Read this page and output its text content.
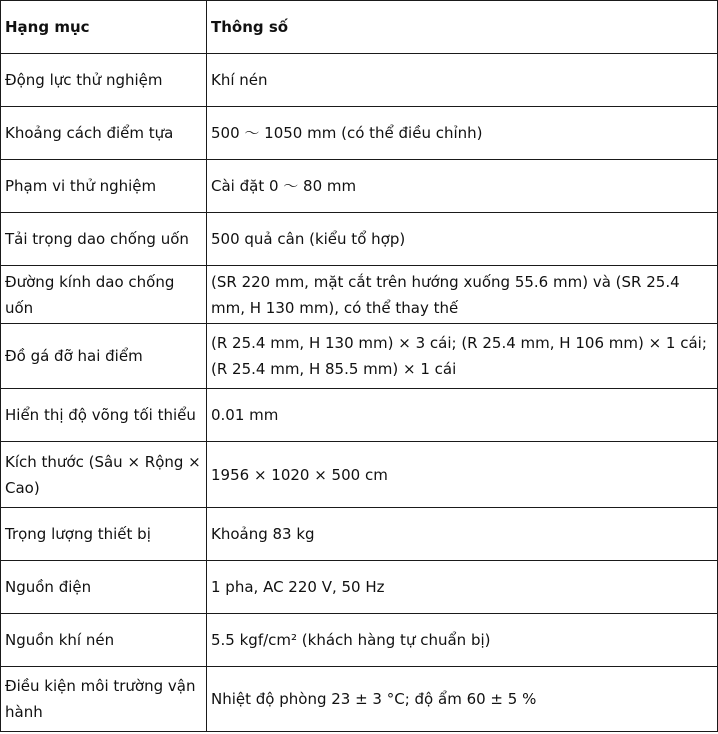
Hạng mục	Thông số
Động lực thử nghiệm	Khí nén
Khoảng cách điểm tựa	500 ～ 1050 mm (có thể điều chỉnh)
Phạm vi thử nghiệm	Cài đặt 0 ～ 80 mm
Tải trọng dao chống uốn	500 quả cân (kiểu tổ hợp)
Đường kính dao chống uốn	(SR 220 mm, mặt cắt trên hướng xuống 55.6 mm) và (SR 25.4 mm, H 130 mm), có thể thay thế
Đồ gá đỡ hai điểm	(R 25.4 mm, H 130 mm) × 3 cái; (R 25.4 mm, H 106 mm) × 1 cái; (R 25.4 mm, H 85.5 mm) × 1 cái
Hiển thị độ võng tối thiểu	0.01 mm
Kích thước (Sâu × Rộng × Cao)	1956 × 1020 × 500 cm
Trọng lượng thiết bị	Khoảng 83 kg
Nguồn điện	1 pha, AC 220 V, 50 Hz
Nguồn khí nén	5.5 kgf/cm² (khách hàng tự chuẩn bị)
Điều kiện môi trường vận hành	Nhiệt độ phòng 23 ± 3 °C; độ ẩm 60 ± 5 %
